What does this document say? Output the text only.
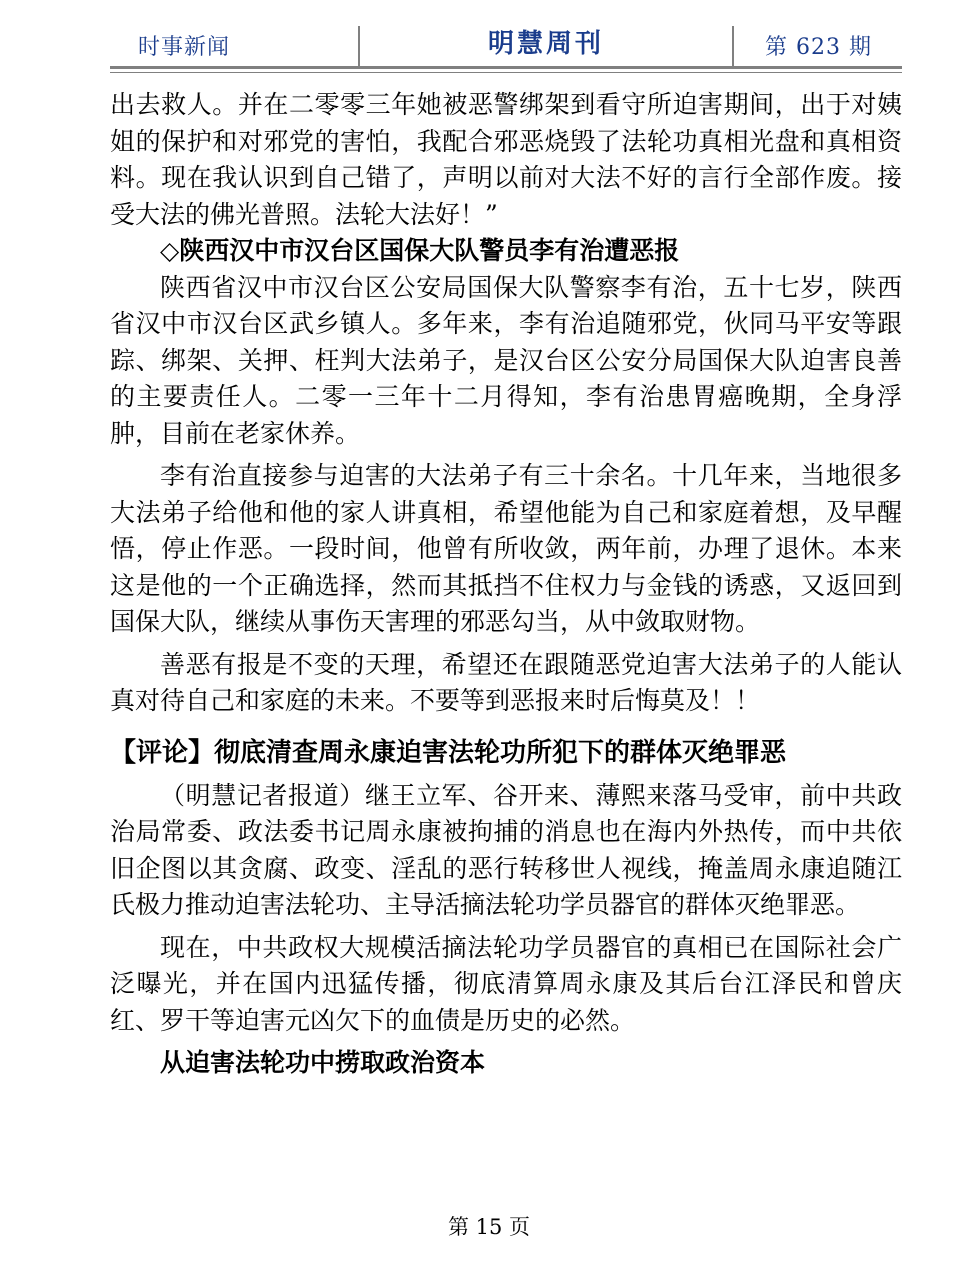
时事新闻	明慧周刊	第 623 期

出去救人。并在二零零三年她被恶警绑架到看守所迫害期间，出于对姨姐的保护和对邪党的害怕，我配合邪恶烧毁了法轮功真相光盘和真相资料。现在我认识到自己错了，声明以前对大法不好的言行全部作废。接受大法的佛光普照。法轮大法好！”

◇陕西汉中市汉台区国保大队警员李有治遭恶报

陕西省汉中市汉台区公安局国保大队警察李有治，五十七岁，陕西省汉中市汉台区武乡镇人。多年来，李有治追随邪党，伙同马平安等跟踪、绑架、关押、枉判大法弟子，是汉台区公安分局国保大队迫害良善的主要责任人。二零一三年十二月得知，李有治患胃癌晚期，全身浮肿，目前在老家休养。

李有治直接参与迫害的大法弟子有三十余名。十几年来，当地很多大法弟子给他和他的家人讲真相，希望他能为自己和家庭着想，及早醒悟，停止作恶。一段时间，他曾有所收敛，两年前，办理了退休。本来这是他的一个正确选择，然而其抵挡不住权力与金钱的诱惑，又返回到国保大队，继续从事伤天害理的邪恶勾当，从中敛取财物。

善恶有报是不变的天理，希望还在跟随恶党迫害大法弟子的人能认真对待自己和家庭的未来。不要等到恶报来时后悔莫及！！

【评论】彻底清查周永康迫害法轮功所犯下的群体灭绝罪恶

（明慧记者报道）继王立军、谷开来、薄熙来落马受审，前中共政治局常委、政法委书记周永康被拘捕的消息也在海内外热传，而中共依旧企图以其贪腐、政变、淫乱的恶行转移世人视线，掩盖周永康追随江氏极力推动迫害法轮功、主导活摘法轮功学员器官的群体灭绝罪恶。

现在，中共政权大规模活摘法轮功学员器官的真相已在国际社会广泛曝光，并在国内迅猛传播，彻底清算周永康及其后台江泽民和曾庆红、罗干等迫害元凶欠下的血债是历史的必然。

从迫害法轮功中捞取政治资本
第 15 页
